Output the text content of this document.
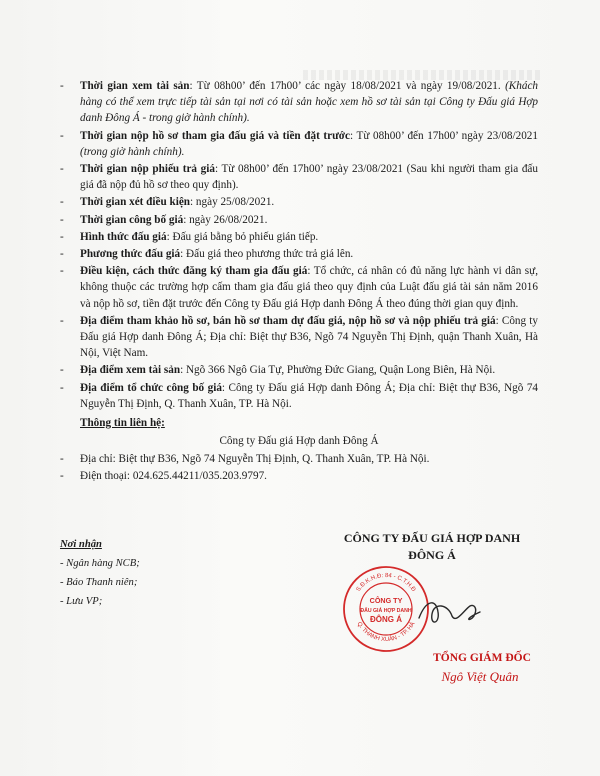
- Thời gian xem tài sản: Từ 08h00’ đến 17h00’ các ngày 18/08/2021 và ngày 19/08/2021. (Khách hàng có thể xem trực tiếp tài sản tại nơi có tài sản hoặc xem hồ sơ tài sản tại Công ty Đấu giá Hợp danh Đông Á - trong giờ hành chính).
- Thời gian nộp hồ sơ tham gia đấu giá và tiền đặt trước: Từ 08h00’ đến 17h00’ ngày 23/08/2021 (trong giờ hành chính).
- Thời gian nộp phiếu trả giá: Từ 08h00’ đến 17h00’ ngày 23/08/2021 (Sau khi người tham gia đấu giá đã nộp đủ hồ sơ theo quy định).
- Thời gian xét điều kiện: ngày 25/08/2021.
- Thời gian công bố giá: ngày 26/08/2021.
- Hình thức đấu giá: Đấu giá bằng bỏ phiếu gián tiếp.
- Phương thức đấu giá: Đấu giá theo phương thức trả giá lên.
- Điều kiện, cách thức đăng ký tham gia đấu giá: Tổ chức, cá nhân có đủ năng lực hành vi dân sự, không thuộc các trường hợp cấm tham gia đấu giá theo quy định của Luật đấu giá tài sản năm 2016 và nộp hồ sơ, tiền đặt trước đến Công ty Đấu giá Hợp danh Đông Á theo đúng thời gian quy định.
- Địa điểm tham khảo hồ sơ, bán hồ sơ tham dự đấu giá, nộp hồ sơ và nộp phiếu trả giá: Công ty Đấu giá Hợp danh Đông Á; Địa chỉ: Biệt thự B36, Ngõ 74 Nguyễn Thị Định, quận Thanh Xuân, Hà Nội, Việt Nam.
- Địa điểm xem tài sản: Ngõ 366 Ngô Gia Tự, Phường Đức Giang, Quận Long Biên, Hà Nội.
- Địa điểm tổ chức công bố giá: Công ty Đấu giá Hợp danh Đông Á; Địa chỉ: Biệt thự B36, Ngõ 74 Nguyễn Thị Định, Q. Thanh Xuân, TP. Hà Nội.
Thông tin liên hệ:
Công ty Đấu giá Hợp danh Đông Á
- Địa chỉ: Biệt thự B36, Ngõ 74 Nguyễn Thị Định, Q. Thanh Xuân, TP. Hà Nội.
- Điện thoại: 024.625.44211/035.203.9797.
Nơi nhận
- Ngân hàng NCB;
- Báo Thanh niên;
- Lưu VP;
CÔNG TY ĐẤU GIÁ HỢP DANH
ĐÔNG Á
S.Đ.K.H.Đ: 84 - C.T.H.Đ
Q. THANH XUÂN - TP. HÀ
CÔNG TY
ĐẤU GIÁ HỢP DANH
ĐÔNG Á
TỔNG GIÁM ĐỐC
Ngô Việt Quân
